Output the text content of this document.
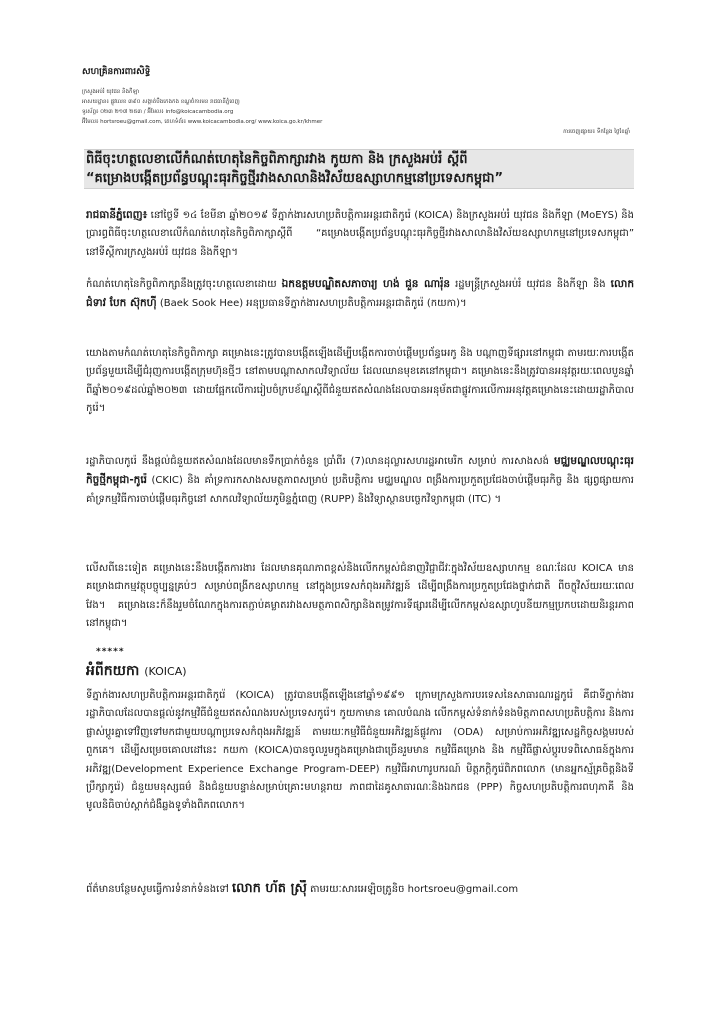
សហគ្រិនការពារសិទ្ធិ

ក្រសួងអប់រំ យុវជន និងកីឡា

អាសយដ្ឋាន៖ ផ្លូវលេខ ៣៩០ សង្កាត់បឹងកេងកង ខណ្ឌចំការមន រាជធានីភ្នំពេញ

ទូរស័ព្ទ៖ ០២៣ ២១៧ ២៥៣ / អ៊ីមែល៖ info@koicacambodia.org

អ៊ីមែល៖ hortsroeu@gmail.com, គេហទំព័រ៖ www.koicacambodia.org/ www.koica.go.kr/khmer

ការចេញផ្សាយ៖ ទីកន្លែង ថ្ងៃខែឆ្នាំ

ពិធីចុះហត្ថលេខាលើកំណត់ហេតុនៃកិច្ចពិភាក្សារវាង កូយកា និង ក្រសួងអប់រំ ស្ដីពី

“គម្រោងបង្កើតប្រព័ន្ធបណ្ដុះធុរកិច្ចថ្មីរវាងសាលានិងវិស័យឧស្សាហកម្មនៅប្រទេសកម្ពុជា”

រាជធានីភ្នំពេញ៖ នៅថ្ងៃទី ១៤ ខែមីនា ឆ្នាំ២០១៩ ទីភ្នាក់ងារសហប្រតិបត្តិការអន្តរជាតិកូរ៉េ (KOICA) និងក្រសួងអប់រំ យុវជន និងកីឡា (MoEYS) និងប្រារព្ធពិធីចុះហត្ថលេខាលើកំណត់ហេតុនៃកិច្ចពិភាក្សាស្ដីពី “គម្រោងបង្កើតប្រព័ន្ធបណ្ដុះធុរកិច្ចថ្មីរវាងសាលានិងវិស័យឧស្សាហកម្មនៅប្រទេសកម្ពុជា” នៅទីស្ដីការក្រសួងអប់រំ យុវជន និងកីឡា។

កំណត់ហេតុនៃកិច្ចពិភាក្សានឹងត្រូវចុះហត្ថលេខាដោយ ឯកឧត្តមបណ្ឌិតសភាចារ្យ ហង់ ជួន ណារ៉ុន រដ្ឋមន្ត្រីក្រសួងអប់រំ យុវជន និងកីឡា និង លោកជំទាវ បែក ស៊ុកហ៊ី (Baek Sook Hee) អនុប្រធានទីភ្នាក់ងារសហប្រតិបត្តិការអន្តរជាតិកូរ៉េ (កយកា)។

យោងតាមកំណត់ហេតុនៃកិច្ចពិភាក្សា គម្រោងនេះត្រូវបានបង្កើតឡើងដើម្បីបង្កើតការចាប់ផ្ដើមប្រព័ន្ធអេកូ និង បណ្ដាញទីផ្សារនៅកម្ពុជា តាមរយៈការបង្កើតប្រព័ន្ធមួយដើម្បីជំរុញការបង្កើតក្រុមហ៊ុនថ្មីៗ នៅតាមបណ្ដាសាកលវិទ្យាល័យ ដែលឈានមុខគេនៅកម្ពុជា។ គម្រោងនេះនឹងត្រូវបានអនុវត្តរយៈពេលបួនឆ្នាំ ពីឆ្នាំ២០១៩ដល់ឆ្នាំ២០២៣ ដោយផ្អែកលើការរៀបចំក្របខ័ណ្ឌស្ដីពីជំនួយឥតសំណងដែលបានអនុម័តជាផ្លូវការលើការអនុវត្តគម្រោងនេះដោយរដ្ឋាភិបាលកូរ៉េ។

រដ្ឋាភិបាលកូរ៉េ នឹងផ្ដល់ជំនួយឥតសំណងដែលមានទឹកប្រាក់ចំនួន ប្រាំពីរ (7)លានដុល្លារសហរដ្ឋអាមេរិក សម្រាប់ ការសាងសង់ មជ្ឈមណ្ឌលបណ្ដុះធុរកិច្ចថ្មីកម្ពុជា-កូរ៉េ (CKIC) និង គាំទ្រការកសាងសមត្ថភាពសម្រាប់ ប្រតិបត្តិការ មជ្ឈមណ្ឌល ពង្រឹងការប្រកួតប្រជែងចាប់ផ្ដើមធុរកិច្ច និង ផ្សព្វផ្សាយការគាំទ្រកម្មវិធីការចាប់ផ្ដើមធុរកិច្ចនៅ សាកលវិទ្យាល័យភូមិន្ទភ្នំពេញ (RUPP) និងវិទ្យាស្ថានបច្ចេកវិទ្យាកម្ពុជា (ITC) ។

លើសពីនេះទៀត គម្រោងនេះនឹងបង្កើតការងារ ដែលមានគុណភាពខ្ពស់និងលើកកម្ពស់ជំនាញវិជ្ជាជីវៈក្នុងវិស័យឧស្សាហកម្ម ខណៈដែល KOICA មានគម្រោងជាកម្មវត្ថុបច្ចុប្បន្នគ្រប់ៗ សម្រាប់ពង្រីកឧស្សាហកម្ម នៅក្នុងប្រទេសកំពុងអភិវឌ្ឍន៍ ដើម្បីពង្រឹងការប្រកួតប្រជែងថ្នាក់ជាតិ ពីចក្ខុវិស័យរយៈពេលវែង។ គម្រោងនេះក៏នឹងរួមចំណែកក្នុងការតភ្ជាប់គម្លាតរវាងសមត្ថភាពសិក្សានិងតម្រូវការទីផ្សារដើម្បីលើកកម្ពស់ឧស្សាហូបនីយកម្មប្រកបដោយនិរន្តរភាពនៅកម្ពុជា។

*****

អំពីកយកា (KOICA)

ទីភ្នាក់ងារសហប្រតិបត្តិការអន្តរជាតិកូរ៉េ (KOICA) ត្រូវបានបង្កើតឡើងនៅឆ្នាំ១៩៩១ ក្រោមក្រសួងការបរទេសនៃសាធារណរដ្ឋកូរ៉េ គឺជាទីភ្នាក់ងាររដ្ឋាភិបាលដែលបានផ្ដល់នូវកម្មវិធីជំនួយឥតសំណងរបស់ប្រទេសកូរ៉េ។ កូយកាមាន គោលបំណង លើកកម្ពស់ទំនាក់ទំនងមិត្តភាពសហប្រតិបត្តិការ និងការផ្លាស់ប្ដូរគ្នាទៅវិញទៅមកជាមួយបណ្ដាប្រទេសកំពុងអភិវឌ្ឍន៍ តាមរយៈកម្មវិធីជំនួយអភិវឌ្ឍន៍ផ្លូវការ (ODA) សម្រាប់ការអភិវឌ្ឍសេដ្ឋកិច្ចសង្គមរបស់ពួកគេ។ ដើម្បីសម្រេចគោលដៅនេះ កយកា (KOICA)បានចូលរួមក្នុងគម្រោងជាច្រើនរួមមាន កម្មវិធីគម្រោង និង កម្មវិធីផ្លាស់ប្ដូរបទពិសោធន៍ក្នុងការអភិវឌ្ឍ(Development Experience Exchange Program-DEEP) កម្មវិធីអាហារូបករណ៍ មិត្តភក្ដិកូរ៉េពិភពលោក (មានអ្នកស្ម័គ្រចិត្តនិងទីប្រឹក្សាកូរ៉េ) ជំនួយមនុស្សធម៌ និងជំនួយបន្ទាន់សម្រាប់គ្រោះមហន្តរាយ ភាពជាដៃគូសាធារណៈនិងឯកជន (PPP) កិច្ចសហប្រតិបត្តិការពហុភាគី និងមូលនិធិចាប់ស្ដាក់ជំងឺឆ្លងទូទាំងពិភពលោក។

ព័ត៌មានបន្ថែមសូមធ្វើការទំនាក់ទំនងទៅ លោក ហ័ត ស្រ៊ឺ តាមរយៈសារអេឡិចត្រូនិច hortsroeu@gmail.com
